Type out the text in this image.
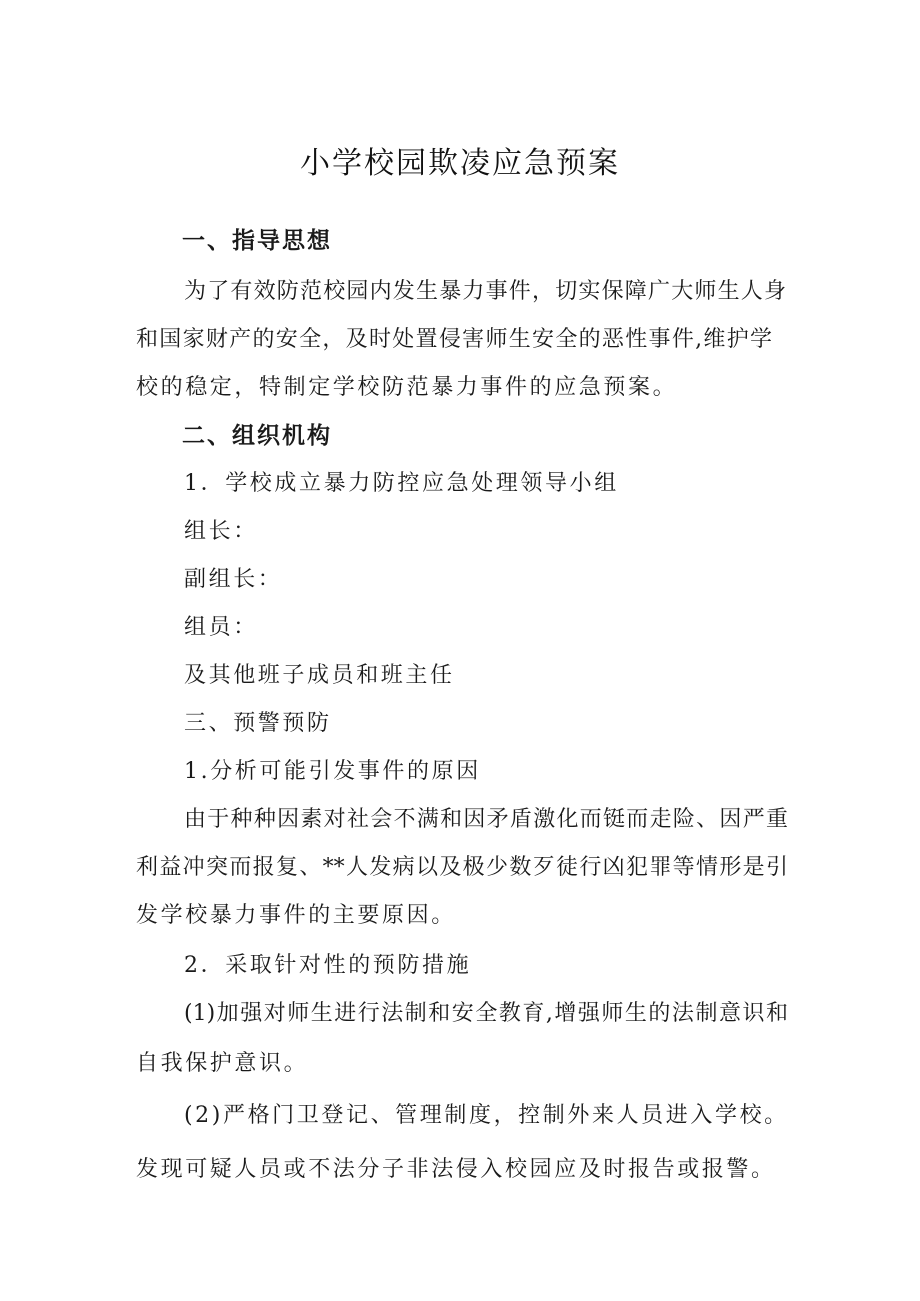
小学校园欺凌应急预案
一、指导思想
为了有效防范校园内发生暴力事件，切实保障广大师生人身
和国家财产的安全，及时处置侵害师生安全的恶性事件,维护学
校的稳定，特制定学校防范暴力事件的应急预案。
二、组织机构
1．学校成立暴力防控应急处理领导小组
组长：
副组长：
组员：
及其他班子成员和班主任
三、预警预防
1.分析可能引发事件的原因
由于种种因素对社会不满和因矛盾激化而铤而走险、因严重
利益冲突而报复、**人发病以及极少数歹徒行凶犯罪等情形是引
发学校暴力事件的主要原因。
2．采取针对性的预防措施
(1)加强对师生进行法制和安全教育,增强师生的法制意识和
自我保护意识。
(2)严格门卫登记、管理制度，控制外来人员进入学校。
发现可疑人员或不法分子非法侵入校园应及时报告或报警。
